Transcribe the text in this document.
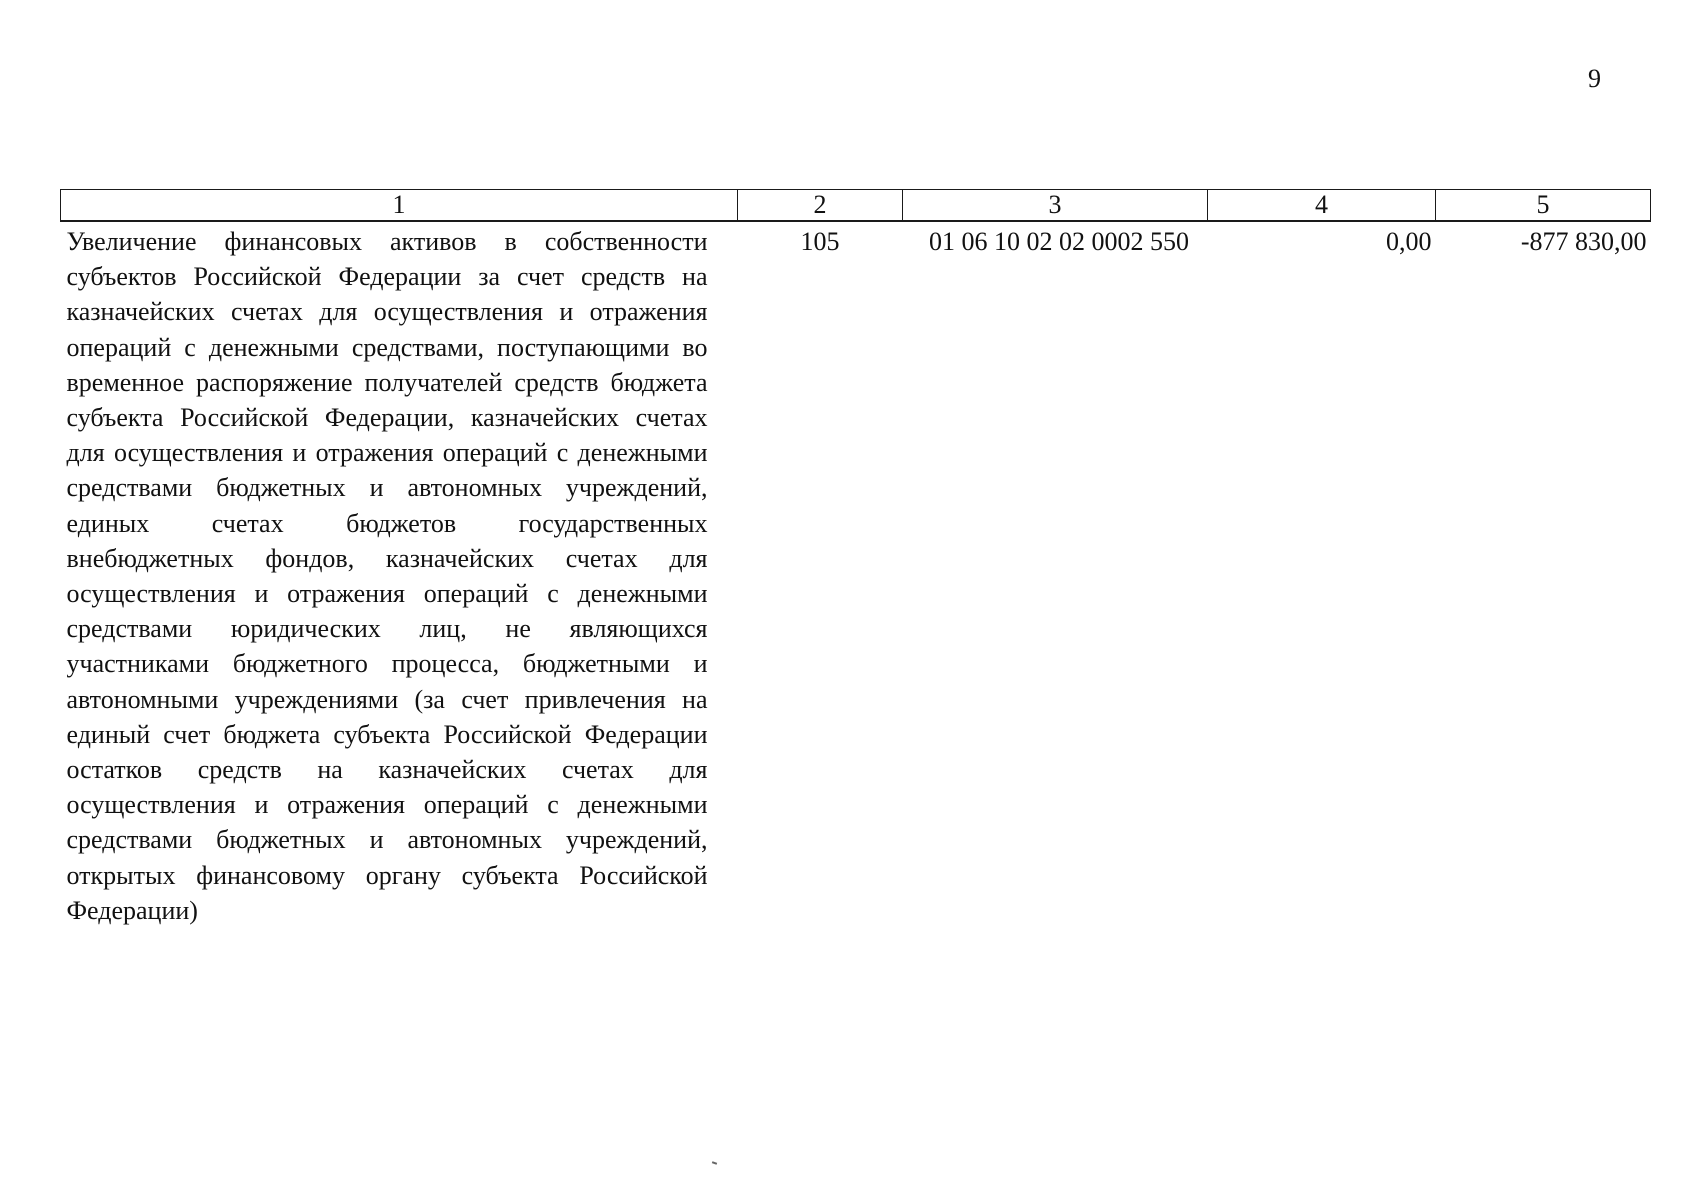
9
1	2	3	4	5
Увеличение финансовых активов в собственности субъектов Российской Федерации за счет средств на казначейских счетах для осуществления и отражения операций с денежными средствами, поступающими во временное распоряжение получателей средств бюджета субъекта Российской Федерации, казначейских счетах для осуществления и отражения операций с денежными средствами бюджетных и автономных учреждений, единых счетах бюджетов государственных внебюджетных фондов, казначейских счетах для осуществления и отражения операций с денежными средствами юридических лиц, не являющихся участниками бюджетного процесса, бюджетными и автономными учреждениями (за счет привлечения на единый счет бюджета субъекта Российской Федерации остатков средств на казначейских счетах для осуществления и отражения операций с денежными средствами бюджетных и автономных учреждений, открытых финансовому органу субъекта Российской Федерации)	105	01 06 10 02 02 0002 550	0,00	-877 830,00
